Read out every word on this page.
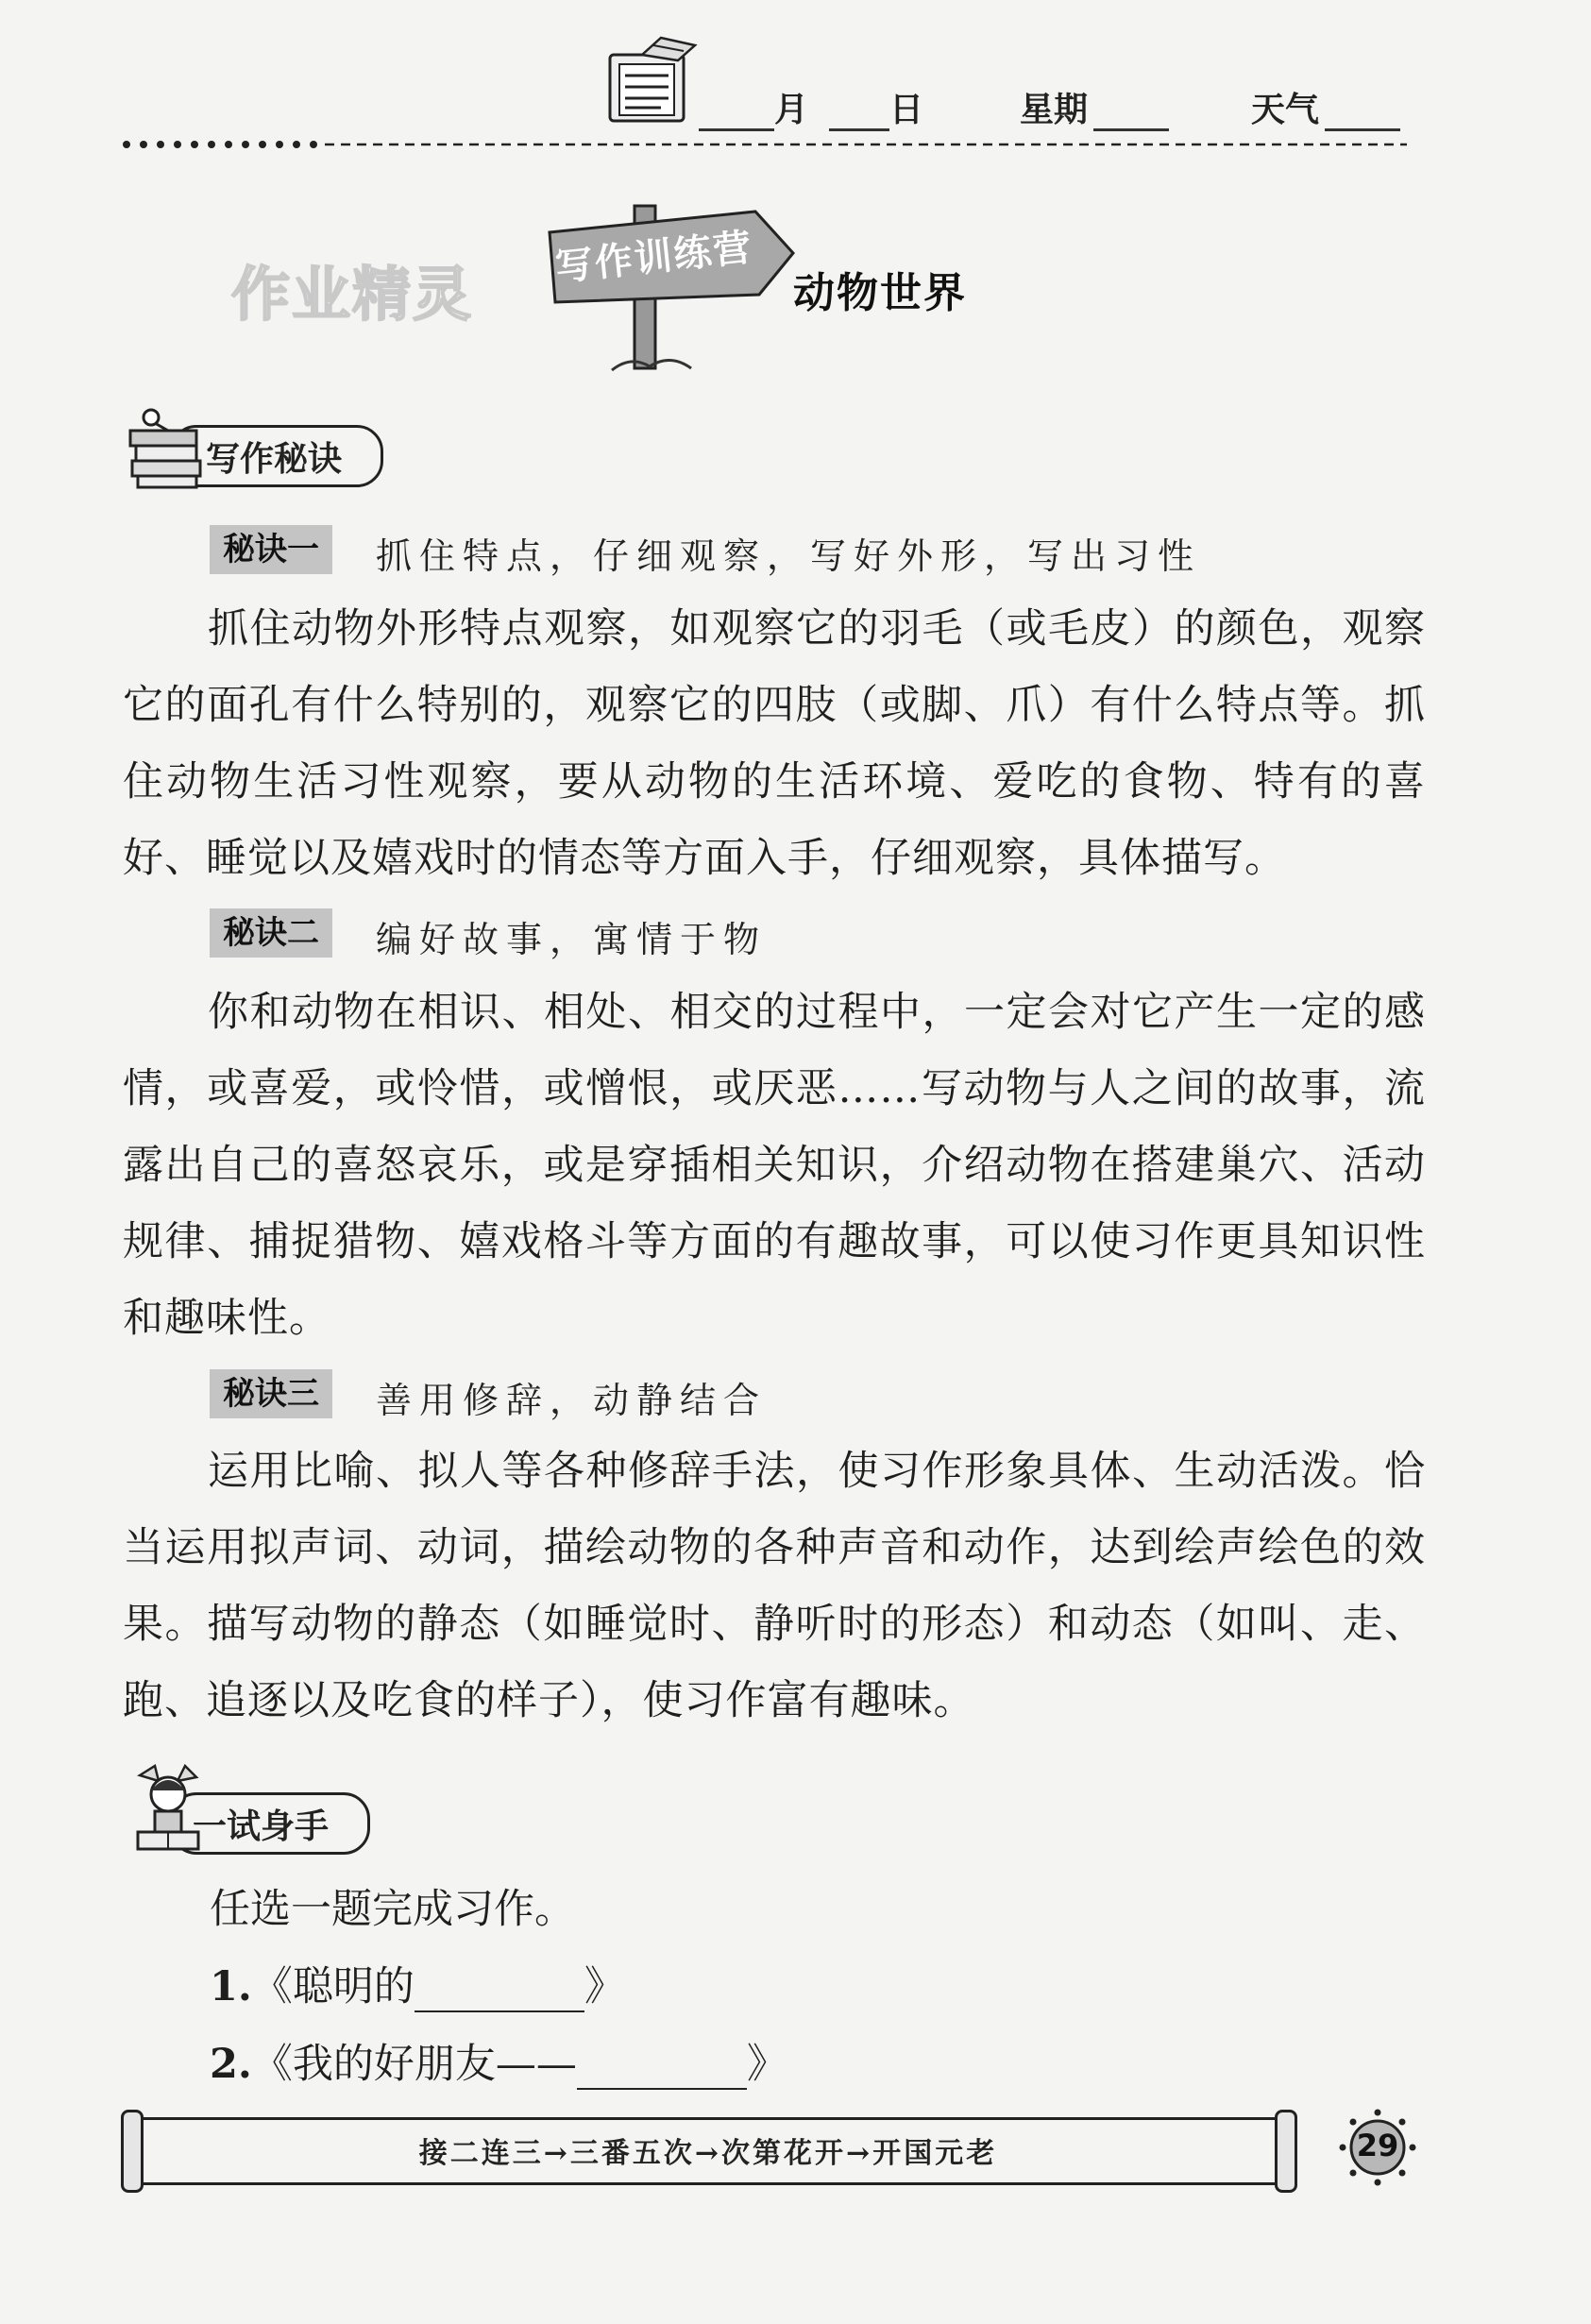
月	日	星期	天气
作业精灵
写作训练营
动物世界
写作秘诀
秘诀一	抓住特点，仔细观察，写好外形，写出习性
抓住动物外形特点观察，如观察它的羽毛（或毛皮）的颜色，观察它的面孔有什么特别的，观察它的四肢（或脚、爪）有什么特点等。抓住动物生活习性观察，要从动物的生活环境、爱吃的食物、特有的喜好、睡觉以及嬉戏时的情态等方面入手，仔细观察，具体描写。
秘诀二	编好故事，寓情于物
你和动物在相识、相处、相交的过程中，一定会对它产生一定的感情，或喜爱，或怜惜，或憎恨，或厌恶……写动物与人之间的故事，流露出自己的喜怒哀乐，或是穿插相关知识，介绍动物在搭建巢穴、活动规律、捕捉猎物、嬉戏格斗等方面的有趣故事，可以使习作更具知识性和趣味性。
秘诀三	善用修辞，动静结合
运用比喻、拟人等各种修辞手法，使习作形象具体、生动活泼。恰当运用拟声词、动词，描绘动物的各种声音和动作，达到绘声绘色的效果。描写动物的静态（如睡觉时、静听时的形态）和动态（如叫、走、跑、追逐以及吃食的样子），使习作富有趣味。
一试身手
任选一题完成习作。
1.《聪明的	》
2.《我的好朋友——	》
接二连三→三番五次→次第花开→开国元老	29
